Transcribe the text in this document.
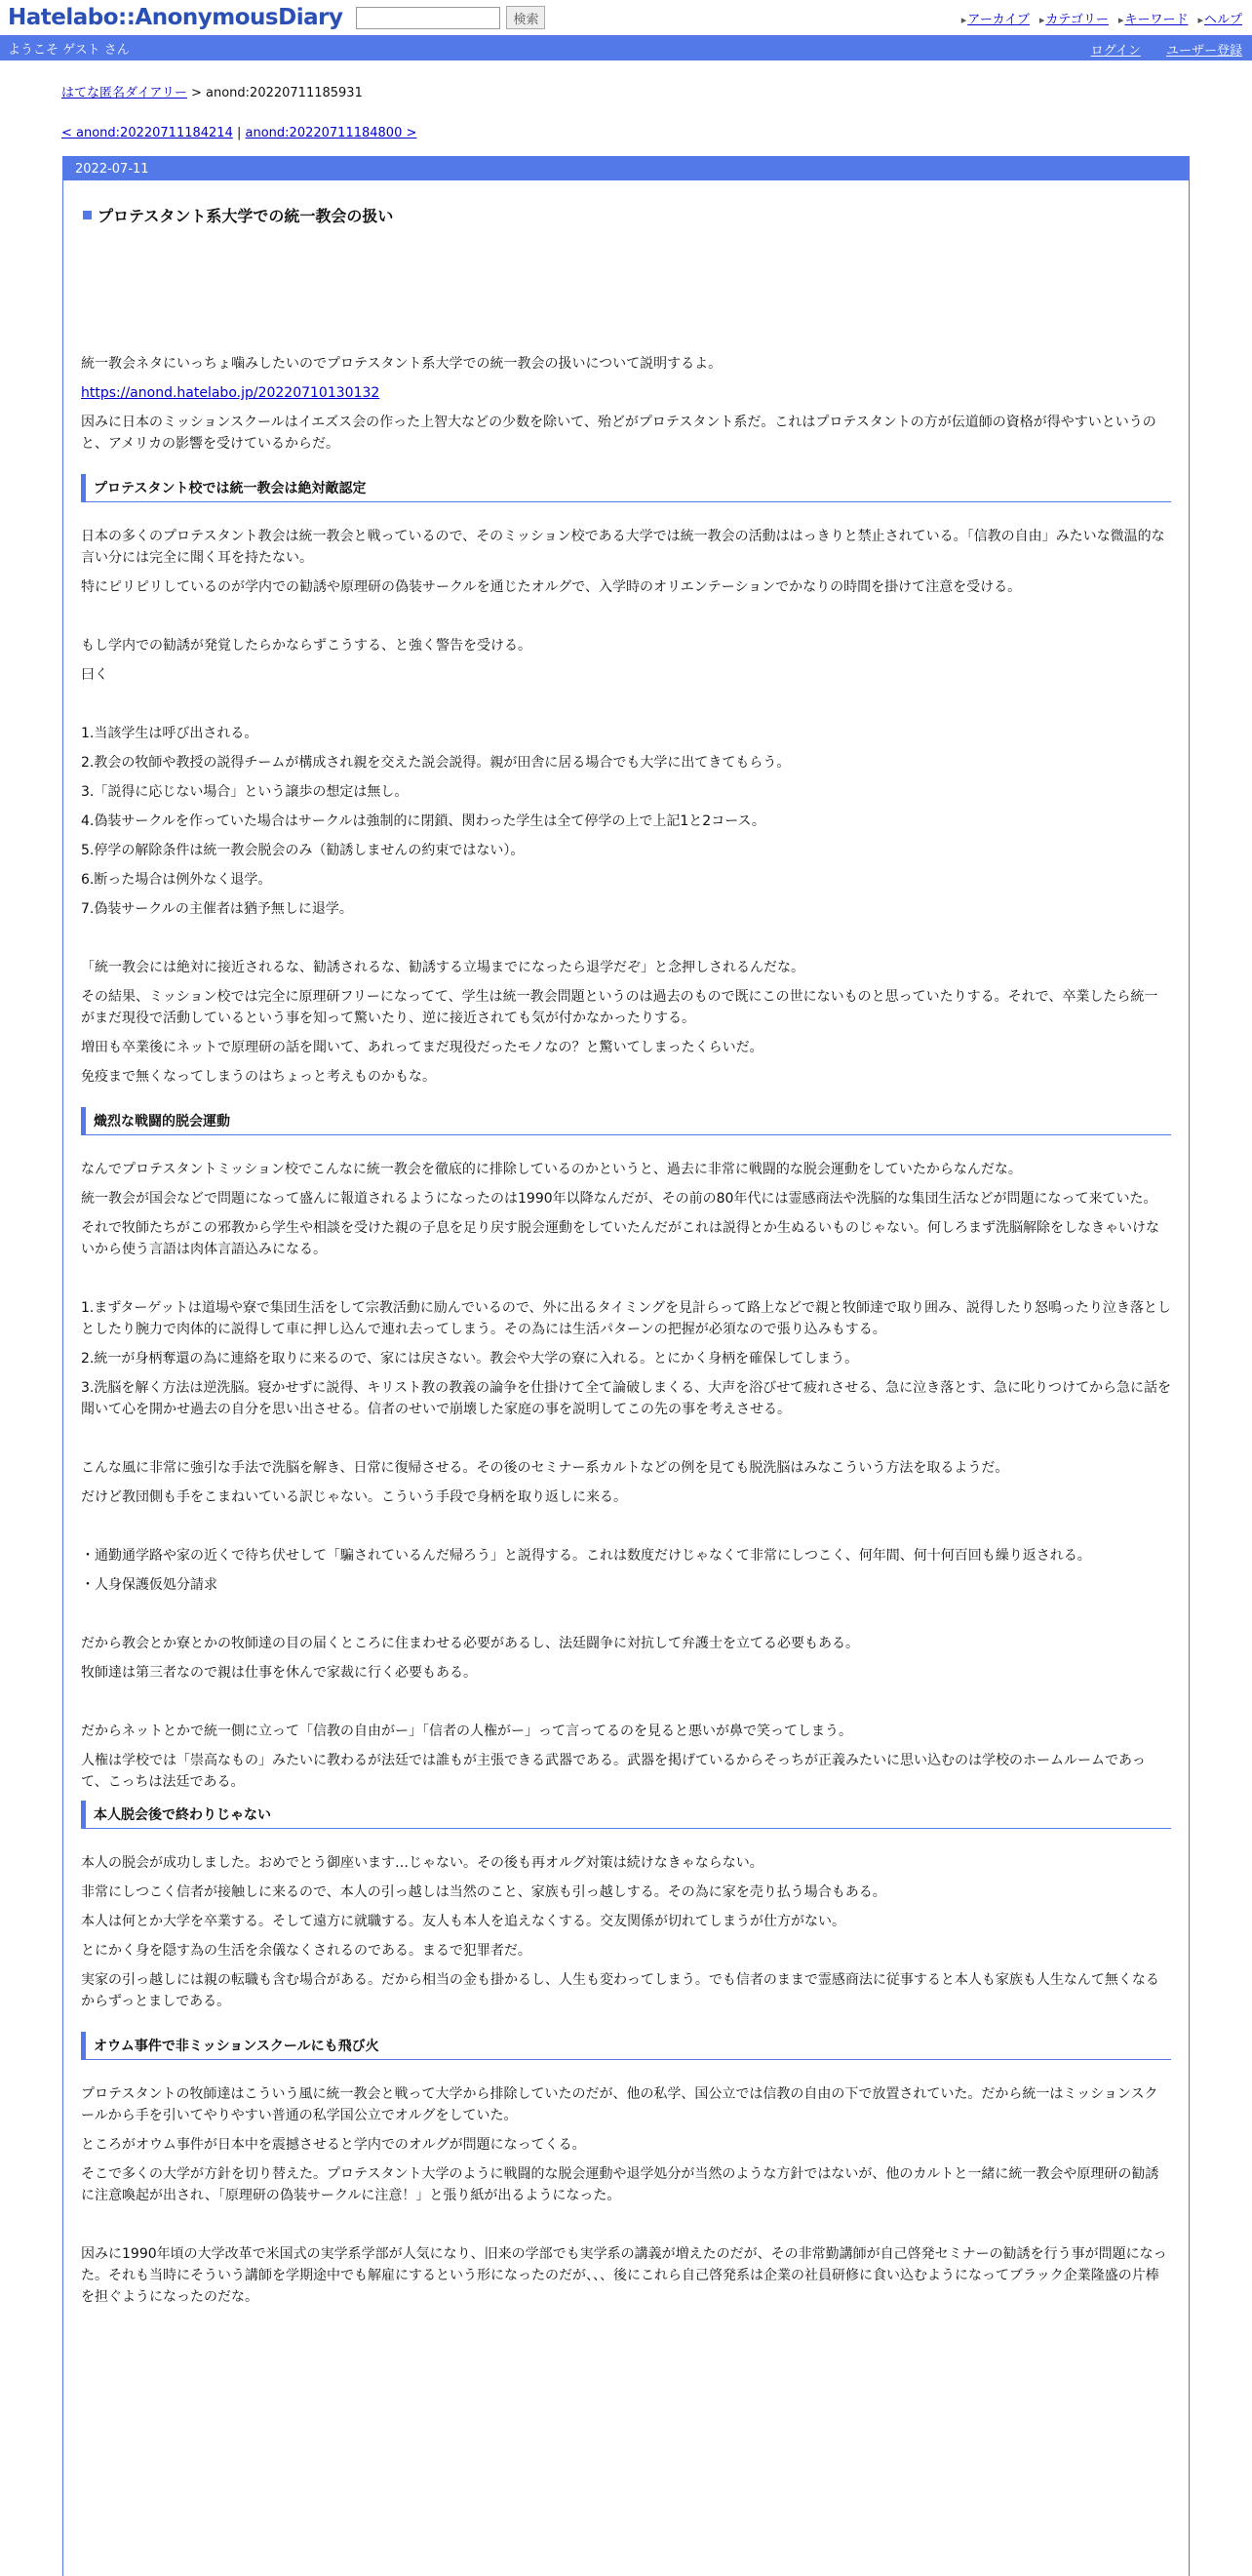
Hatelabo::AnonymousDiary	検索	▸ アーカイブ	▸ カテゴリー	▸ キーワード	▸ ヘルプ
ようこそ ゲスト さん	ログイン ユーザー登録
はてな匿名ダイアリー > anond:20220711185931
< anond:20220711184214 | anond:20220711184800 >
2022-07-11
プロテスタント系大学での統一教会の扱い

統一教会ネタにいっちょ噛みしたいのでプロテスタント系大学での統一教会の扱いについて説明するよ。

https://anond.hatelabo.jp/20220710130132

因みに日本のミッションスクールはイエズス会の作った上智大などの少数を除いて、殆どがプロテスタント系だ。これはプロテスタントの方が伝道師の資格が得やすいというのと、アメリカの影響を受けているからだ。

プロテスタント校では統一教会は絶対敵認定

日本の多くのプロテスタント教会は統一教会と戦っているので、そのミッション校である大学では統一教会の活動ははっきりと禁止されている。「信教の自由」みたいな微温的な言い分には完全に聞く耳を持たない。

特にピリピリしているのが学内での勧誘や原理研の偽装サークルを通じたオルグで、入学時のオリエンテーションでかなりの時間を掛けて注意を受ける。

もし学内での勧誘が発覚したらかならずこうする、と強く警告を受ける。

曰く

1.当該学生は呼び出される。

2.教会の牧師や教授の説得チームが構成され親を交えた説会説得。親が田舎に居る場合でも大学に出てきてもらう。

3.「説得に応じない場合」という譲歩の想定は無し。

4.偽装サークルを作っていた場合はサークルは強制的に閉鎖、関わった学生は全て停学の上で上記1と2コース。

5.停学の解除条件は統一教会脱会のみ（勧誘しませんの約束ではない）。

6.断った場合は例外なく退学。

7.偽装サークルの主催者は猶予無しに退学。

「統一教会には絶対に接近されるな、勧誘されるな、勧誘する立場までになったら退学だぞ」と念押しされるんだな。

その結果、ミッション校では完全に原理研フリーになってて、学生は統一教会問題というのは過去のもので既にこの世にないものと思っていたりする。それで、卒業したら統一がまだ現役で活動しているという事を知って驚いたり、逆に接近されても気が付かなかったりする。

増田も卒業後にネットで原理研の話を聞いて、あれってまだ現役だったモノなの？と驚いてしまったくらいだ。

免疫まで無くなってしまうのはちょっと考えものかもな。

熾烈な戦闘的脱会運動

なんでプロテスタントミッション校でこんなに統一教会を徹底的に排除しているのかというと、過去に非常に戦闘的な脱会運動をしていたからなんだな。

統一教会が国会などで問題になって盛んに報道されるようになったのは1990年以降なんだが、その前の80年代には霊感商法や洗脳的な集団生活などが問題になって来ていた。

それで牧師たちがこの邪教から学生や相談を受けた親の子息を足り戻す脱会運動をしていたんだがこれは説得とか生ぬるいものじゃない。何しろまず洗脳解除をしなきゃいけないから使う言語は肉体言語込みになる。

1.まずターゲットは道場や寮で集団生活をして宗教活動に励んでいるので、外に出るタイミングを見計らって路上などで親と牧師達で取り囲み、説得したり怒鳴ったり泣き落としとしたり腕力で肉体的に説得して車に押し込んで連れ去ってしまう。その為には生活パターンの把握が必須なので張り込みもする。

2.統一が身柄奪還の為に連絡を取りに来るので、家には戻さない。教会や大学の寮に入れる。とにかく身柄を確保してしまう。

3.洗脳を解く方法は逆洗脳。寝かせずに説得、キリスト教の教義の論争を仕掛けて全て論破しまくる、大声を浴びせて疲れさせる、急に泣き落とす、急に叱りつけてから急に話を聞いて心を開かせ過去の自分を思い出させる。信者のせいで崩壊した家庭の事を説明してこの先の事を考えさせる。

こんな風に非常に強引な手法で洗脳を解き、日常に復帰させる。その後のセミナー系カルトなどの例を見ても脱洗脳はみなこういう方法を取るようだ。

だけど教団側も手をこまねいている訳じゃない。こういう手段で身柄を取り返しに来る。

・通勤通学路や家の近くで待ち伏せして「騙されているんだ帰ろう」と説得する。これは数度だけじゃなくて非常にしつこく、何年間、何十何百回も繰り返される。

・人身保護仮処分請求

だから教会とか寮とかの牧師達の目の届くところに住まわせる必要があるし、法廷闘争に対抗して弁護士を立てる必要もある。

牧師達は第三者なので親は仕事を休んで家裁に行く必要もある。

だからネットとかで統一側に立って「信教の自由がー」「信者の人権がー」って言ってるのを見ると悪いが鼻で笑ってしまう。

人権は学校では「崇高なもの」みたいに教わるが法廷では誰もが主張できる武器である。武器を掲げているからそっちが正義みたいに思い込むのは学校のホームルームであって、こっちは法廷である。

本人脱会後で終わりじゃない

本人の脱会が成功しました。おめでとう御座います…じゃない。その後も再オルグ対策は続けなきゃならない。

非常にしつこく信者が接触しに来るので、本人の引っ越しは当然のこと、家族も引っ越しする。その為に家を売り払う場合もある。

本人は何とか大学を卒業する。そして遠方に就職する。友人も本人を追えなくする。交友関係が切れてしまうが仕方がない。

とにかく身を隠す為の生活を余儀なくされるのである。まるで犯罪者だ。

実家の引っ越しには親の転職も含む場合がある。だから相当の金も掛かるし、人生も変わってしまう。でも信者のままで霊感商法に従事すると本人も家族も人生なんて無くなるからずっとましである。

オウム事件で非ミッションスクールにも飛び火

プロテスタントの牧師達はこういう風に統一教会と戦って大学から排除していたのだが、他の私学、国公立では信教の自由の下で放置されていた。だから統一はミッションスクールから手を引いてやりやすい普通の私学国公立でオルグをしていた。

ところがオウム事件が日本中を震撼させると学内でのオルグが問題になってくる。

そこで多くの大学が方針を切り替えた。プロテスタント大学のように戦闘的な脱会運動や退学処分が当然のような方針ではないが、他のカルトと一緒に統一教会や原理研の勧誘に注意喚起が出され、「原理研の偽装サークルに注意！」と張り紙が出るようになった。

因みに1990年頃の大学改革で米国式の実学系学部が人気になり、旧来の学部でも実学系の講義が増えたのだが、その非常勤講師が自己啓発セミナーの勧誘を行う事が問題になった。それも当時にそういう講師を学期途中でも解雇にするという形になったのだが、、、後にこれら自己啓発系は企業の社員研修に食い込むようになってブラック企業隆盛の片棒を担ぐようになったのだな。
